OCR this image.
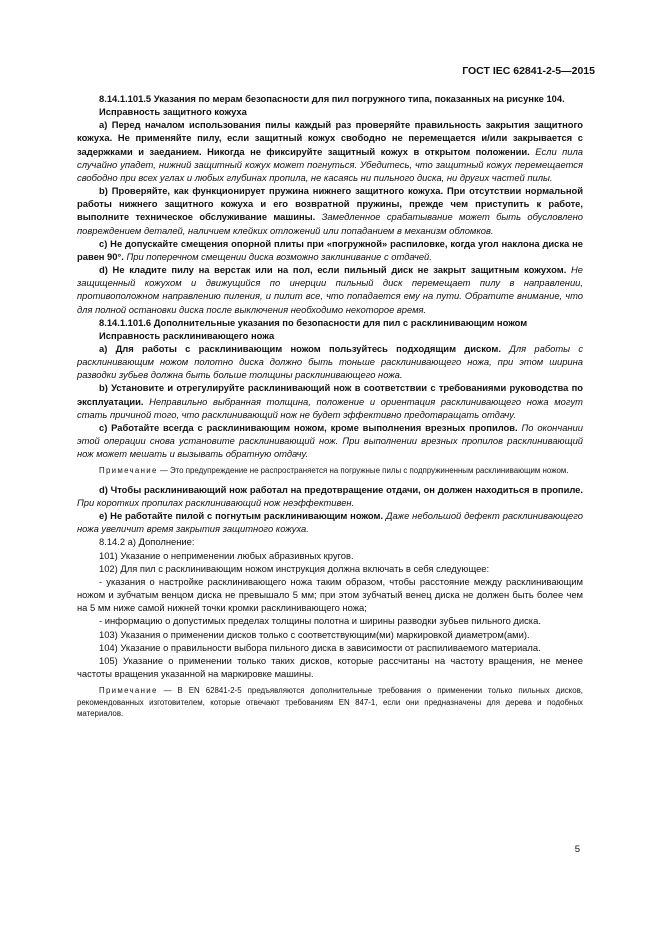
ГОСТ IEC 62841-2-5—2015

8.14.1.101.5 Указания по мерам безопасности для пил погружного типа, показанных на рисунке 104.

Исправность защитного кожуха

а) Перед началом использования пилы каждый раз проверяйте правильность закрытия защитного кожуха. Не применяйте пилу, если защитный кожух свободно не перемещается и/или закрывается с задержками и заеданием. Никогда не фиксируйте защитный кожух в открытом положении. Если пила случайно упадет, нижний защитный кожух может погнуться. Убедитесь, что защитный кожух перемещается свободно при всех углах и любых глубинах пропила, не касаясь ни пильного диска, ни других частей пилы.

b) Проверяйте, как функционирует пружина нижнего защитного кожуха. При отсутствии нормальной работы нижнего защитного кожуха и его возвратной пружины, прежде чем приступить к работе, выполните техническое обслуживание машины. Замедленное срабатывание может быть обусловлено повреждением деталей, наличием клейких отложений или попаданием в механизм обломков.

с) Не допускайте смещения опорной плиты при «погружной» распиловке, когда угол наклона диска не равен 90°. При поперечном смещении диска возможно заклинивание с отдачей.

d) Не кладите пилу на верстак или на пол, если пильный диск не закрыт защитным кожухом. Не защищенный кожухом и движущийся по инерции пильный диск перемещает пилу в направлении, противоположном направлению пиления, и пилит все, что попадается ему на пути. Обратите внимание, что для полной остановки диска после выключения необходимо некоторое время.

8.14.1.101.6 Дополнительные указания по безопасности для пил с расклинивающим ножом

Исправность расклинивающего ножа

а) Для работы с расклинивающим ножом пользуйтесь подходящим диском. Для работы с расклинивающим ножом полотно диска должно быть тоньше расклинивающего ножа, при этом ширина разводки зубьев должна быть больше толщины расклинивающего ножа.

b) Установите и отрегулируйте расклинивающий нож в соответствии с требованиями руководства по эксплуатации. Неправильно выбранная толщина, положение и ориентация расклинивающего ножа могут стать причиной того, что расклинивающий нож не будет эффективно предотвращать отдачу.

с) Работайте всегда с расклинивающим ножом, кроме выполнения врезных пропилов. По окончании этой операции снова установите расклинивающий нож. При выполнении врезных пропилов расклинивающий нож может мешать и вызывать обратную отдачу.

Примечание — Это предупреждение не распространяется на погружные пилы с подпружиненным расклинивающим ножом.

d) Чтобы расклинивающий нож работал на предотвращение отдачи, он должен находиться в пропиле. При коротких пропилах расклинивающий нож неэффективен.

е) Не работайте пилой с погнутым расклинивающим ножом. Даже небольшой дефект расклинивающего ножа увеличит время закрытия защитного кожуха.

8.14.2 а) Дополнение:

101) Указание о неприменении любых абразивных кругов.

102) Для пил с расклинивающим ножом инструкция должна включать в себя следующее:

- указания о настройке расклинивающего ножа таким образом, чтобы расстояние между расклинивающим ножом и зубчатым венцом диска не превышало 5 мм; при этом зубчатый венец диска не должен быть более чем на 5 мм ниже самой нижней точки кромки расклинивающего ножа;

- информацию о допустимых пределах толщины полотна и ширины разводки зубьев пильного диска.

103) Указания о применении дисков только с соответствующим(ми) маркировкой диаметром(ами).

104) Указание о правильности выбора пильного диска в зависимости от распиливаемого материала.

105) Указание о применении только таких дисков, которые рассчитаны на частоту вращения, не менее частоты вращения указанной на маркировке машины.

Примечание — В EN 62841-2-5 предъявляются дополнительные требования о применении только пильных дисков, рекомендованных изготовителем, которые отвечают требованиям EN 847-1, если они предназначены для дерева и подобных материалов.

5
